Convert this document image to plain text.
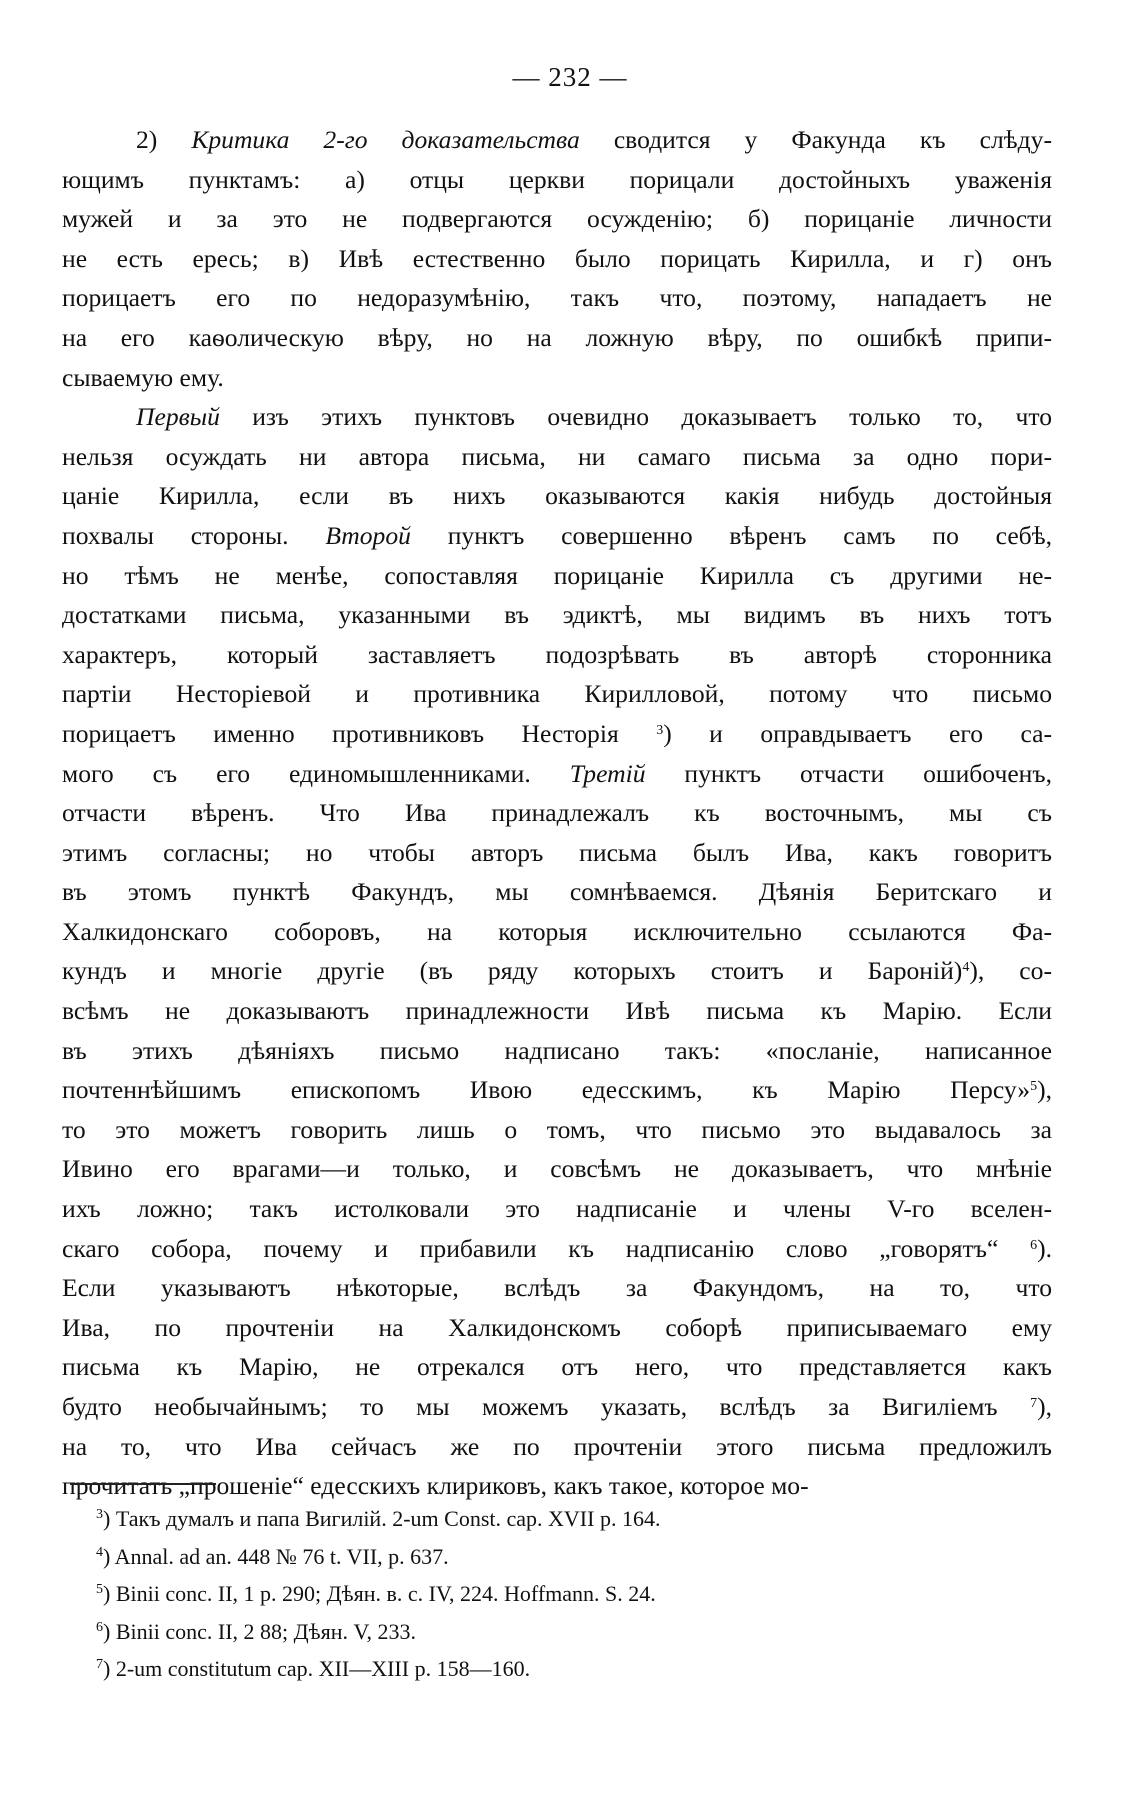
— 232 —
2) Критика 2-го доказательства сводится у Факунда къ слѣду-
ющимъ пунктамъ: а) отцы церкви порицали достойныхъ уваженія
мужей и за это не подвергаются осужденію; б) порицаніе личности
не есть ересь; в) Ивѣ естественно было порицать Кирилла, и г) онъ
порицаетъ его по недоразумѣнію, такъ что, поэтому, нападаетъ не
на его каѳолическую вѣру, но на ложную вѣру, по ошибкѣ припи-
сываемую ему.
Первый изъ этихъ пунктовъ очевидно доказываетъ только то, что
нельзя осуждать ни автора письма, ни самаго письма за одно пори-
цаніе Кирилла, если въ нихъ оказываются какія нибудь достойныя
похвалы стороны. Второй пунктъ совершенно вѣренъ самъ по себѣ,
но тѣмъ не менѣе, сопоставляя порицаніе Кирилла съ другими не-
достатками письма, указанными въ эдиктѣ, мы видимъ въ нихъ тотъ
характеръ, который заставляетъ подозрѣвать въ авторѣ сторонника
партіи Несторіевой и противника Кирилловой, потому что письмо
порицаетъ именно противниковъ Несторія $^3$) и оправдываетъ его са-
мого съ его единомышленниками. Третій пунктъ отчасти ошибоченъ,
отчасти вѣренъ. Что Ива принадлежалъ къ восточнымъ, мы съ
этимъ согласны; но чтобы авторъ письма былъ Ива, какъ говоритъ
въ этомъ пунктѣ Факундъ, мы сомнѣваемся. Дѣянія Беритскаго и
Халкидонскаго соборовъ, на которыя исключительно ссылаются Фа-
кундъ и многіе другіе (въ ряду которыхъ стоитъ и Бароній)$^4$), со-
всѣмъ не доказываютъ принадлежности Ивѣ письма къ Марію. Если
въ этихъ дѣяніяхъ письмо надписано такъ: «посланіе, написанное
почтеннѣйшимъ епископомъ Ивою едесскимъ, къ Марію Персу»$^5$),
то это можетъ говорить лишь о томъ, что письмо это выдавалось за
Ивино его врагами—и только, и совсѣмъ не доказываетъ, что мнѣніе
ихъ ложно; такъ истолковали это надписаніе и члены V-го вселен-
скаго собора, почему и прибавили къ надписанію слово „говорятъ“ $^6$).
Если указываютъ нѣкоторые, вслѣдъ за Факундомъ, на то, что
Ива, по прочтеніи на Халкидонскомъ соборѣ приписываемаго ему
письма къ Марію, не отрекался отъ него, что представляется какъ
будто необычайнымъ; то мы можемъ указать, вслѣдъ за Вигиліемъ $^7$),
на то, что Ива сейчасъ же по прочтеніи этого письма предложилъ
прочитать „прошеніе“ едесскихъ клириковъ, какъ такое, которое мо-
$^3$) Такъ думалъ и папа Вигилій. 2-um Const. cap. XVII p. 164.
$^4$) Annal. ad an. 448 № 76 t. VII, p. 637.
$^5$) Binii conc. II, 1 p. 290; Дѣян. в. с. IV, 224. Hoffmann. S. 24.
$^6$) Binii conc. II, 2 88; Дѣян. V, 233.
$^7$) 2-um constitutum cap. XII—XIII p. 158—160.
